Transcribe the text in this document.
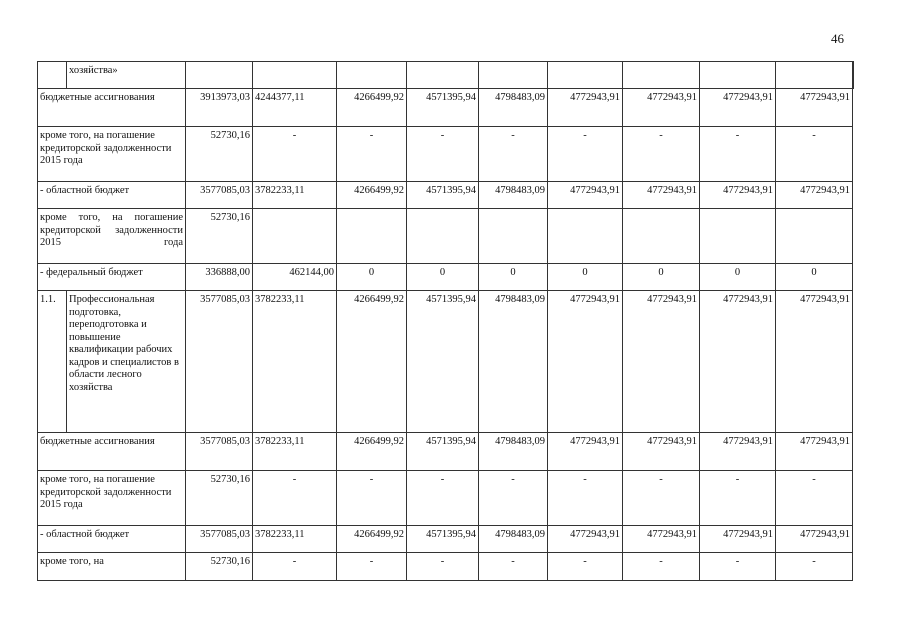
46
	хозяйства»										
бюджетные ассигнования		3913973,03	4244377,11	4266499,92	4571395,94	4798483,09	4772943,91	4772943,91	4772943,91	4772943,91	
кроме того, на погашение кредиторской задолженности 2015 года		52730,16	-	-	-	-	-	-	-	-	
- областной бюджет		3577085,03	3782233,11	4266499,92	4571395,94	4798483,09	4772943,91	4772943,91	4772943,91	4772943,91	
кроме того, на погашение кредиторской задолженности 2015 года		52730,16									
- федеральный бюджет		336888,00	462144,00	0	0	0	0	0	0	0	
1.1.	Профессиональная подготовка, переподготовка и повышение квалификации рабочих кадров и специалистов в области лесного хозяйства	3577085,03	3782233,11	4266499,92	4571395,94	4798483,09	4772943,91	4772943,91	4772943,91	4772943,91	
бюджетные ассигнования		3577085,03	3782233,11	4266499,92	4571395,94	4798483,09	4772943,91	4772943,91	4772943,91	4772943,91	
кроме того, на погашение кредиторской задолженности 2015 года		52730,16	-	-	-	-	-	-	-	-	
- областной бюджет		3577085,03	3782233,11	4266499,92	4571395,94	4798483,09	4772943,91	4772943,91	4772943,91	4772943,91	
кроме того, на		52730,16	-	-	-	-	-	-	-	-	
